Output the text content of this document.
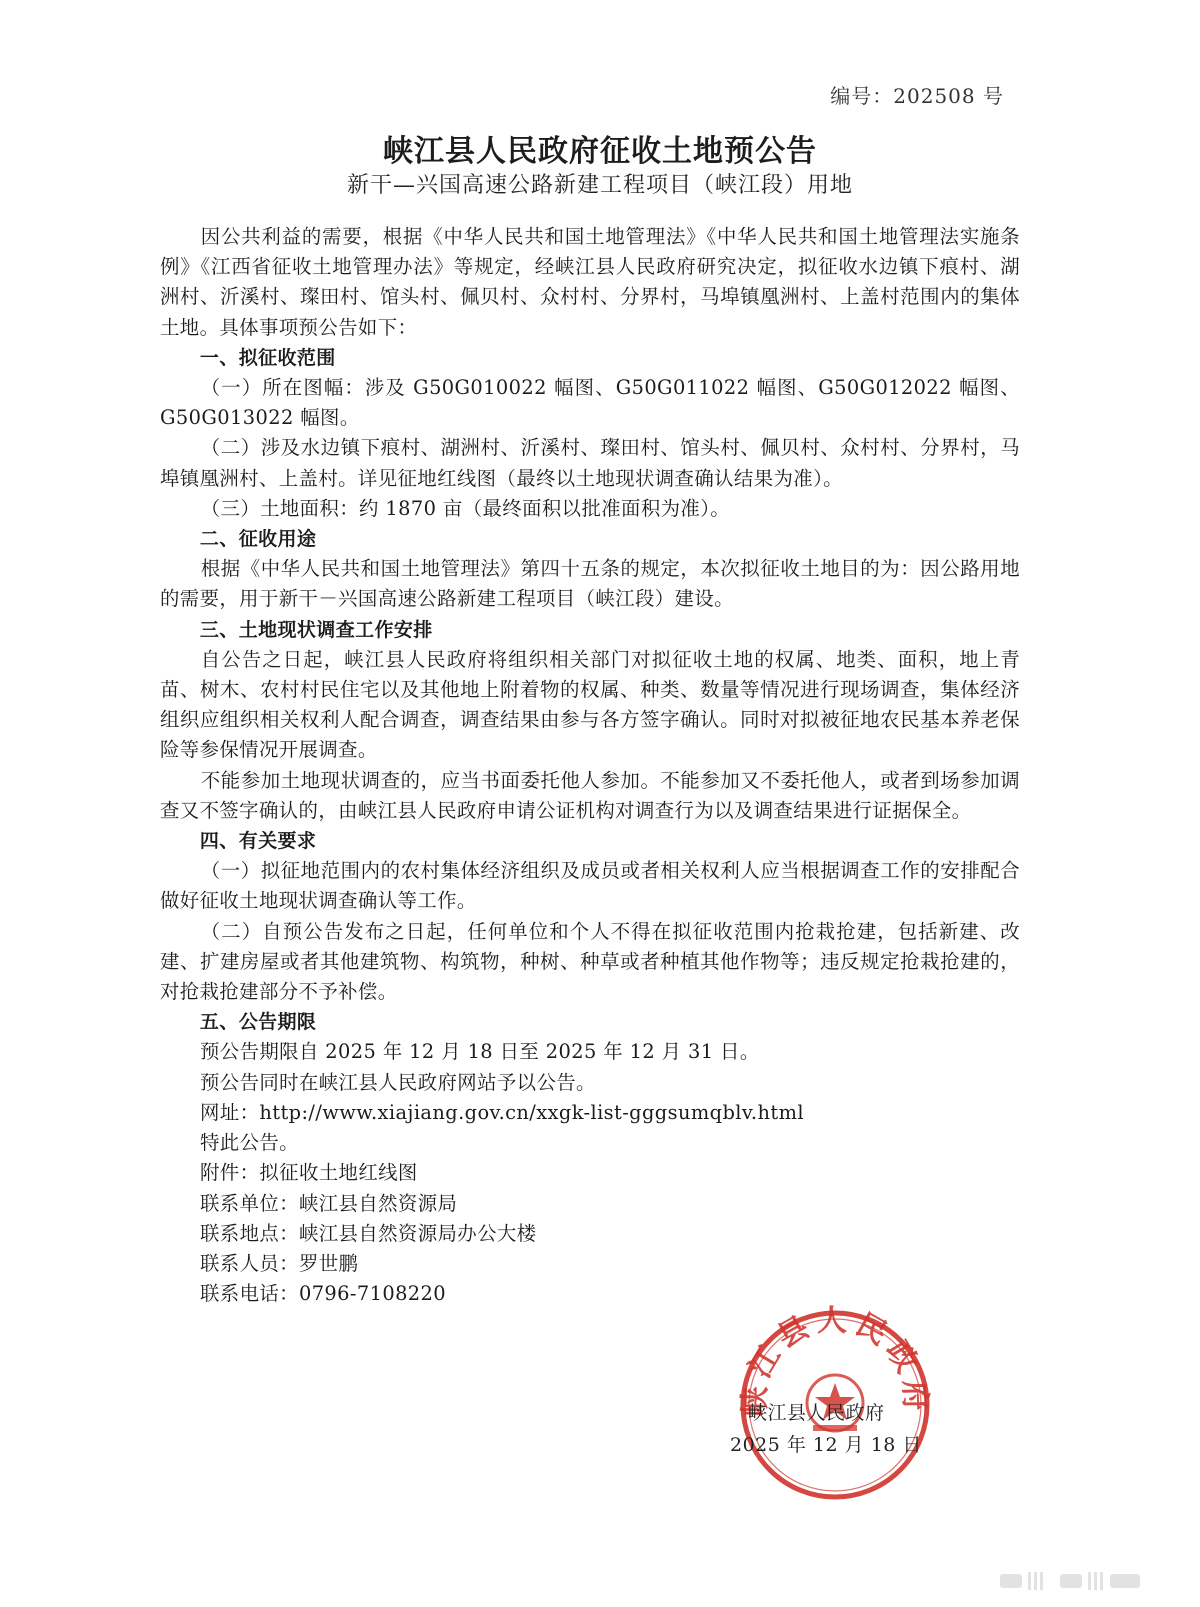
编号：202508 号
峡江县人民政府征收土地预公告
新干—兴国高速公路新建工程项目（峡江段）用地

因公共利益的需要，根据《中华人民共和国土地管理法》《中华人民共和国土地管理法实施条例》《江西省征收土地管理办法》等规定，经峡江县人民政府研究决定，拟征收水边镇下痕村、湖洲村、沂溪村、璨田村、馆头村、佩贝村、众村村、分界村，马埠镇凰洲村、上盖村范围内的集体土地。具体事项预公告如下：

一、拟征收范围

（一）所在图幅：涉及 G50G010022 幅图、G50G011022 幅图、G50G012022 幅图、G50G013022 幅图。

（二）涉及水边镇下痕村、湖洲村、沂溪村、璨田村、馆头村、佩贝村、众村村、分界村，马埠镇凰洲村、上盖村。详见征地红线图（最终以土地现状调查确认结果为准）。

（三）土地面积：约 1870 亩（最终面积以批准面积为准）。

二、征收用途

根据《中华人民共和国土地管理法》第四十五条的规定，本次拟征收土地目的为：因公路用地的需要，用于新干－兴国高速公路新建工程项目（峡江段）建设。

三、土地现状调查工作安排

自公告之日起，峡江县人民政府将组织相关部门对拟征收土地的权属、地类、面积，地上青苗、树木、农村村民住宅以及其他地上附着物的权属、种类、数量等情况进行现场调查，集体经济组织应组织相关权利人配合调查，调查结果由参与各方签字确认。同时对拟被征地农民基本养老保险等参保情况开展调查。

不能参加土地现状调查的，应当书面委托他人参加。不能参加又不委托他人，或者到场参加调查又不签字确认的，由峡江县人民政府申请公证机构对调查行为以及调查结果进行证据保全。

四、有关要求

（一）拟征地范围内的农村集体经济组织及成员或者相关权利人应当根据调查工作的安排配合做好征收土地现状调查确认等工作。

（二）自预公告发布之日起，任何单位和个人不得在拟征收范围内抢栽抢建，包括新建、改建、扩建房屋或者其他建筑物、构筑物，种树、种草或者种植其他作物等；违反规定抢栽抢建的，对抢栽抢建部分不予补偿。

五、公告期限

预公告期限自 2025 年 12 月 18 日至 2025 年 12 月 31 日。

预公告同时在峡江县人民政府网站予以公告。

网址：http://www.xiajiang.gov.cn/xxgk-list-gggsumqblv.html

特此公告。

附件：拟征收土地红线图

联系单位：峡江县自然资源局

联系地点：峡江县自然资源局办公大楼

联系人员：罗世鹏

联系电话：0796-7108220

峡江县人民政府
峡江县人民政府
2025 年 12 月 18 日
